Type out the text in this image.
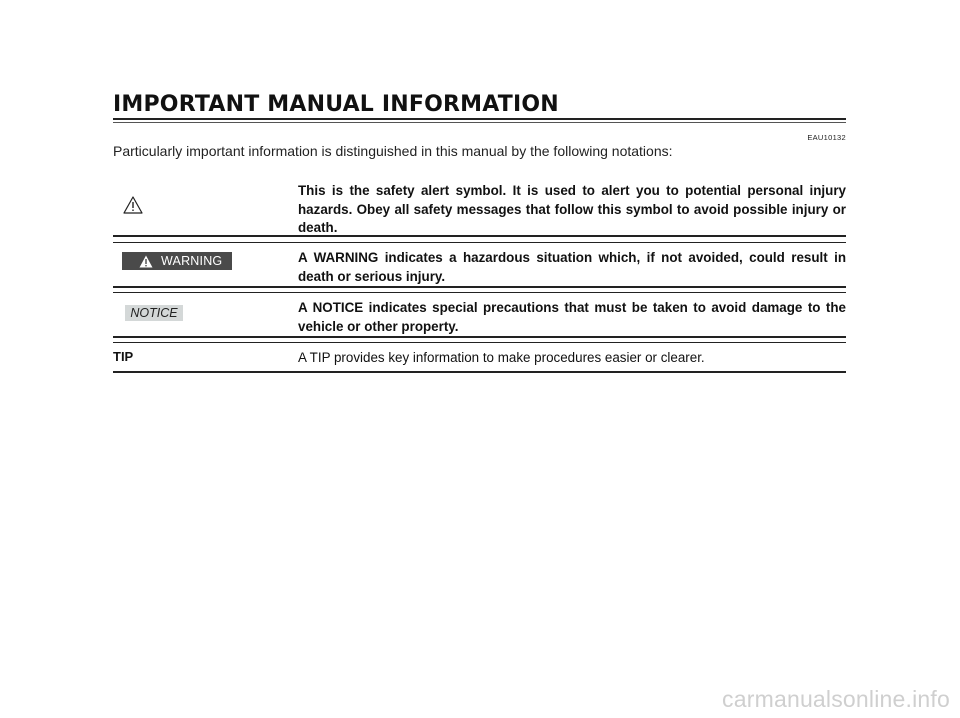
IMPORTANT MANUAL INFORMATION
EAU10132
Particularly important information is distinguished in this manual by the following notations:
WARNING
NOTICE
TIP
This is the safety alert symbol. It is used to alert you to potential personal injury hazards. Obey all safety messages that follow this symbol to avoid possible injury or death.
A WARNING indicates a hazardous situation which, if not avoided, could result in death or serious injury.
A NOTICE indicates special precautions that must be taken to avoid damage to the vehicle or other property.
A TIP provides key information to make procedures easier or clearer.
carmanualsonline.info
